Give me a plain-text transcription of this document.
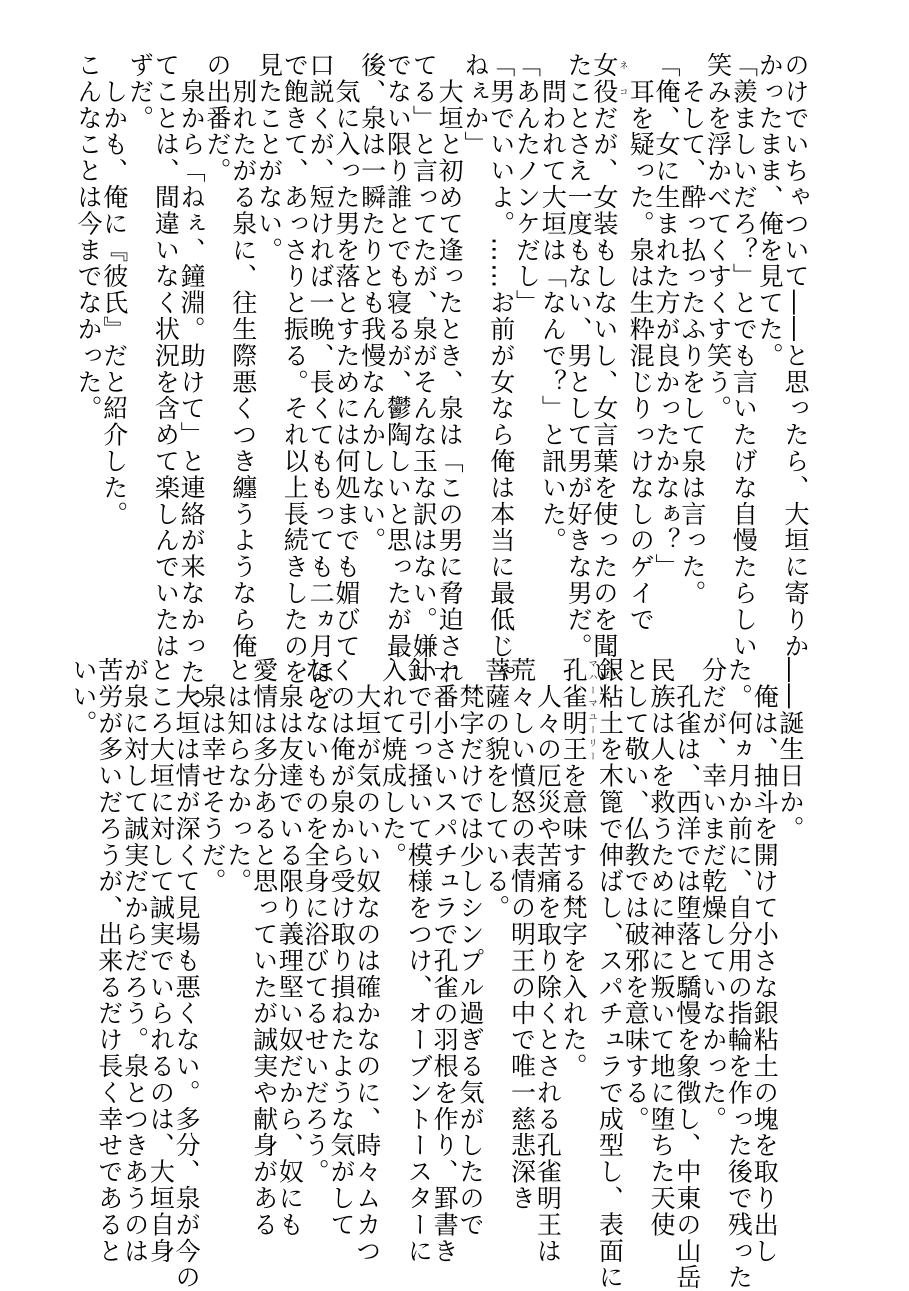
のけでいちゃついて――と思ったら、大垣に寄りか
かったまま、俺を見てた。
「羨ましいだろ？」とでも言いたげな自慢たらしい
笑みを浮かべてくすくす笑う。
　そして、酔っ払ったふりをして泉は言った。
「俺、女に生まれた方が良かったかなぁ？」
　耳を疑った。泉は生粋混じりっけなしのゲイで
女役ネコだが、女装もしないし、女言葉を使ったのを聞い
たことさえ一度もない、男として男が好きな男だ。
　問われて大垣は「なんで？」と訊いた。
「あんたノンケだし」
「男でいいよ。……お前が女なら俺は本当に最低じゃ
ねぇか」
　大垣と初めて逢ったとき、泉は「この男に脅迫され
てる」と言ってたが、泉がそんな玉な訳はない。嫌い
でない限り誰とでも寝るが、鬱陶しいと思ったが最
後、泉は一瞬たりとも我慢なんかしない。
　気に入った男を落とすためには何処までも媚びて
口説くが、短ければ一晩、長くてももっても二ヵ月ほど
で飽きて、あっさりと振る。それ以上長続きしたのを
見たことがない。
　別れたがる泉に、往生際悪くつき纏うようなら俺
の出番だ。
　泉から「ねぇ、鐘淵。助けて」と連絡が来なかったっ
てことは、間違いなく状況を含めて楽しんでいたは
ずだ。
　しかも、俺に『彼氏』だと紹介した。
こんなことは今までなかった。
――誕生日か。
　俺は、抽斗を開けて小さな銀粘土の塊を取り出し
た。何ヵ月か前に、自分用の指輪を作った後で残った
分だが、幸いまだ乾燥していなかった。
　孔雀は、西洋では堕落と驕慢を象徴し、中東の山岳
民族は人を救うために神に叛いて地に堕ちた天使
として敬い、仏教では破邪を意味する。
銀粘土を木篦で伸ばし、スパチュラで成型し、表面に
孔雀明王マハーマユーリーを意味する梵字を入れた。
　人々の厄災や苦痛を取り除くとされる孔雀明王は
荒々しい憤怒の表情の明王の中で唯一慈悲深き
菩薩の貌をしている。
　梵字だけでは少しシンプル過ぎる気がしたので
一番小さいスパチュラで孔雀の羽根を作り、罫書き
針で引っ掻いて模様をつけ、オーブントースターに
入れて焼成した。
　大垣が気のいい奴なのは確かなのに、時々ムカつ
くのは俺が泉から受け取り損ねたような気がして
ならないものを全身に浴びてるせいだろう。
　泉は友達でいる限り義理堅い奴だから、奴にも
愛情は多分あると思っていたが誠実や献身がある
とは知らなかった。
　泉は幸せそうだ。
　大垣は情が深くて見場も悪くない。多分、泉が今の
ところ大垣に対して誠実でいられるのは、大垣自身
が泉に対して誠実だからだろう。泉とつきあうのは
苦労が多いだろうが、出来るだけ長く幸せであると
いい。
